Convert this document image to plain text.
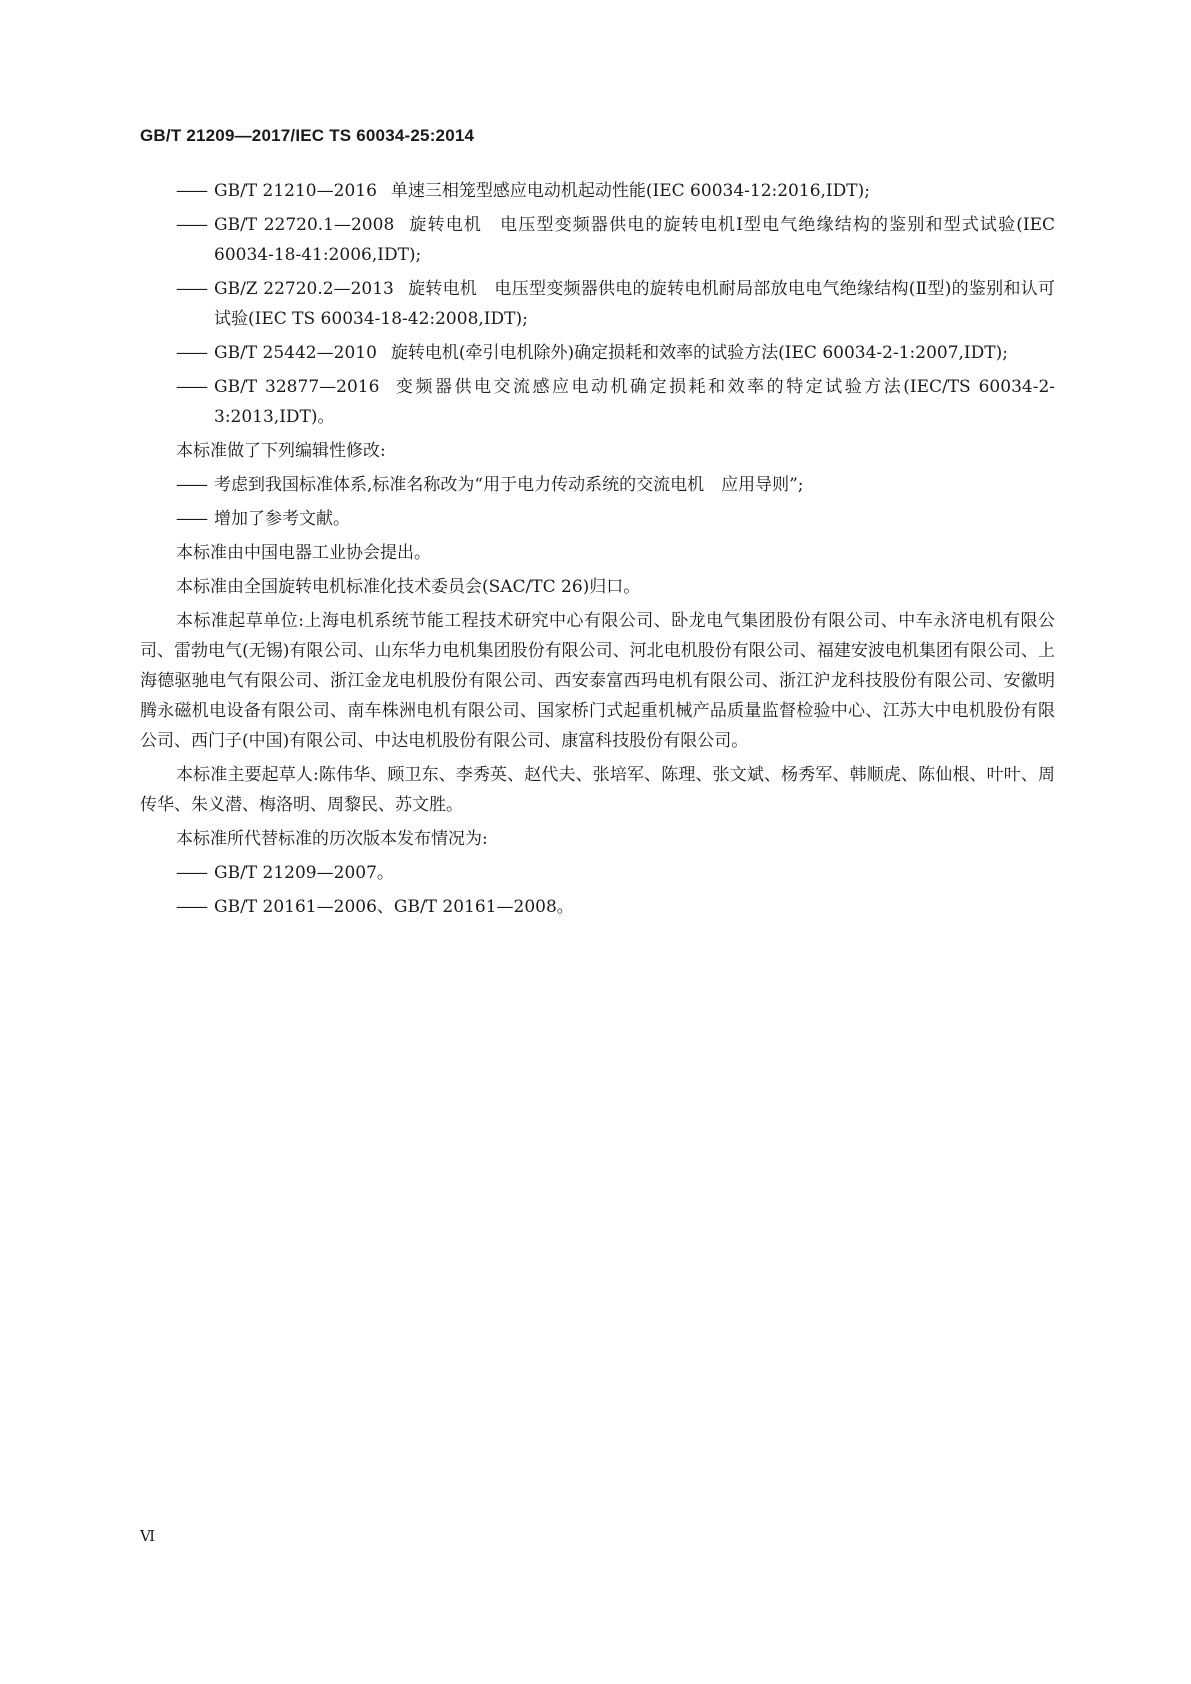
GB/T 21209—2017/IEC TS 60034-25:2014
—— GB/T 21210—2016 单速三相笼型感应电动机起动性能(IEC 60034-12:2016,IDT);
—— GB/T 22720.1—2008 旋转电机　电压型变频器供电的旋转电机Ⅰ型电气绝缘结构的鉴别和型式试验(IEC 60034-18-41:2006,IDT);
—— GB/Z 22720.2—2013 旋转电机　电压型变频器供电的旋转电机耐局部放电电气绝缘结构(Ⅱ型)的鉴别和认可试验(IEC TS 60034-18-42:2008,IDT);
—— GB/T 25442—2010 旋转电机(牵引电机除外)确定损耗和效率的试验方法(IEC 60034-2-1:2007,IDT);
—— GB/T 32877—2016 变频器供电交流感应电动机确定损耗和效率的特定试验方法(IEC/TS 60034-2-3:2013,IDT)。

本标准做了下列编辑性修改:

—— 考虑到我国标准体系,标准名称改为“用于电力传动系统的交流电机　应用导则”;
—— 增加了参考文献。

本标准由中国电器工业协会提出。

本标准由全国旋转电机标准化技术委员会(SAC/TC 26)归口。

本标准起草单位:上海电机系统节能工程技术研究中心有限公司、卧龙电气集团股份有限公司、中车永济电机有限公司、雷勃电气(无锡)有限公司、山东华力电机集团股份有限公司、河北电机股份有限公司、福建安波电机集团有限公司、上海德驱驰电气有限公司、浙江金龙电机股份有限公司、西安泰富西玛电机有限公司、浙江沪龙科技股份有限公司、安徽明腾永磁机电设备有限公司、南车株洲电机有限公司、国家桥门式起重机械产品质量监督检验中心、江苏大中电机股份有限公司、西门子(中国)有限公司、中达电机股份有限公司、康富科技股份有限公司。

本标准主要起草人:陈伟华、顾卫东、李秀英、赵代夫、张培军、陈理、张文斌、杨秀军、韩顺虎、陈仙根、叶叶、周传华、朱义潜、梅洛明、周黎民、苏文胜。

本标准所代替标准的历次版本发布情况为:

—— GB/T 21209—2007。
—— GB/T 20161—2006、GB/T 20161—2008。
Ⅵ
